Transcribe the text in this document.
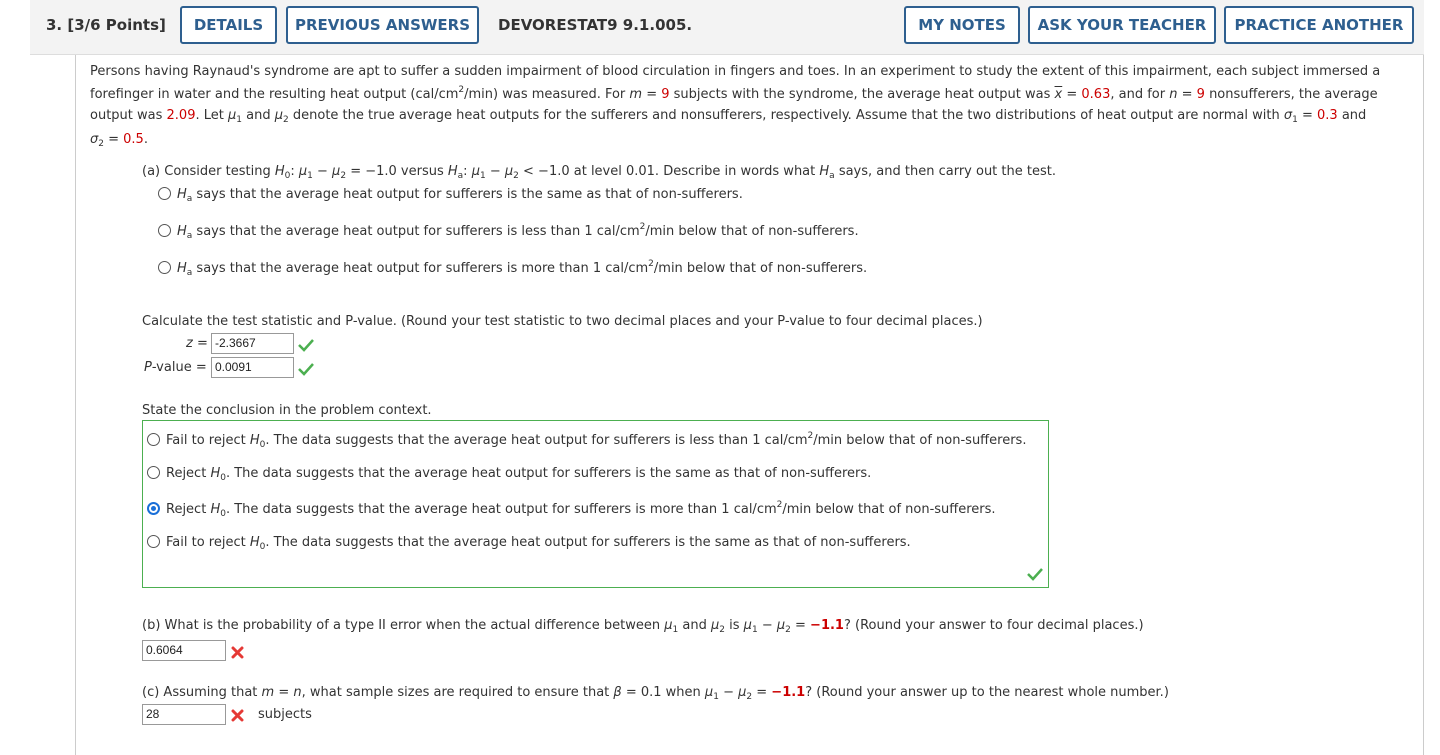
3. [3/6 Points]	DETAILS	PREVIOUS ANSWERS	DEVORESTAT9 9.1.005.	MY NOTES	ASK YOUR TEACHER	PRACTICE ANOTHER
Persons having Raynaud's syndrome are apt to suffer a sudden impairment of blood circulation in fingers and toes. In an experiment to study the extent of this impairment, each subject immersed a
forefinger in water and the resulting heat output $(cal/cm^2/\min)$ was measured. For m = 9 subjects with the syndrome, the average heat output was $\overline{x} = 0.63$, and for n = 9 nonsufferers, the average
output was 2.09. Let $\mu_1$ and $\mu_2$ denote the true average heat outputs for the sufferers and nonsufferers, respectively. Assume that the two distributions of heat output are normal with $\sigma_1 = 0.3$ and
$\sigma_2 = 0.5$.
(a) Consider testing $H_0$: $\mu_1 - \mu_2 = -1.0$ versus $H_a$: $\mu_1 - \mu_2 < -1.0$ at level 0.01. Describe in words what $H_a$ says, and then carry out the test.
$H_a$ says that the average heat output for sufferers is the same as that of non-sufferers.
$H_a$ says that the average heat output for sufferers is less than 1 cal/$cm^2/\min$ below that of non-sufferers.
$H_a$ says that the average heat output for sufferers is more than 1 cal/$cm^2/\min$ below that of non-sufferers.
Calculate the test statistic and P-value. (Round your test statistic to two decimal places and your P-value to four decimal places.)
z = -2.3667
P-value = 0.0091
State the conclusion in the problem context.
Fail to reject $H_0$. The data suggests that the average heat output for sufferers is less than 1 cal/$cm^2/\min$ below that of non-sufferers.
Reject $H_0$. The data suggests that the average heat output for sufferers is the same as that of non-sufferers.
Reject $H_0$. The data suggests that the average heat output for sufferers is more than 1 cal/$cm^2/\min$ below that of non-sufferers.
Fail to reject $H_0$. The data suggests that the average heat output for sufferers is the same as that of non-sufferers.
(b) What is the probability of a type II error when the actual difference between $\mu_1$ and $\mu_2$ is $\mu_1 - \mu_2 = -1.1$? (Round your answer to four decimal places.)
0.6064
(c) Assuming that m = n, what sample sizes are required to ensure that β = 0.1 when $\mu_1 - \mu_2 = -1.1$? (Round your answer up to the nearest whole number.)
28	subjects
